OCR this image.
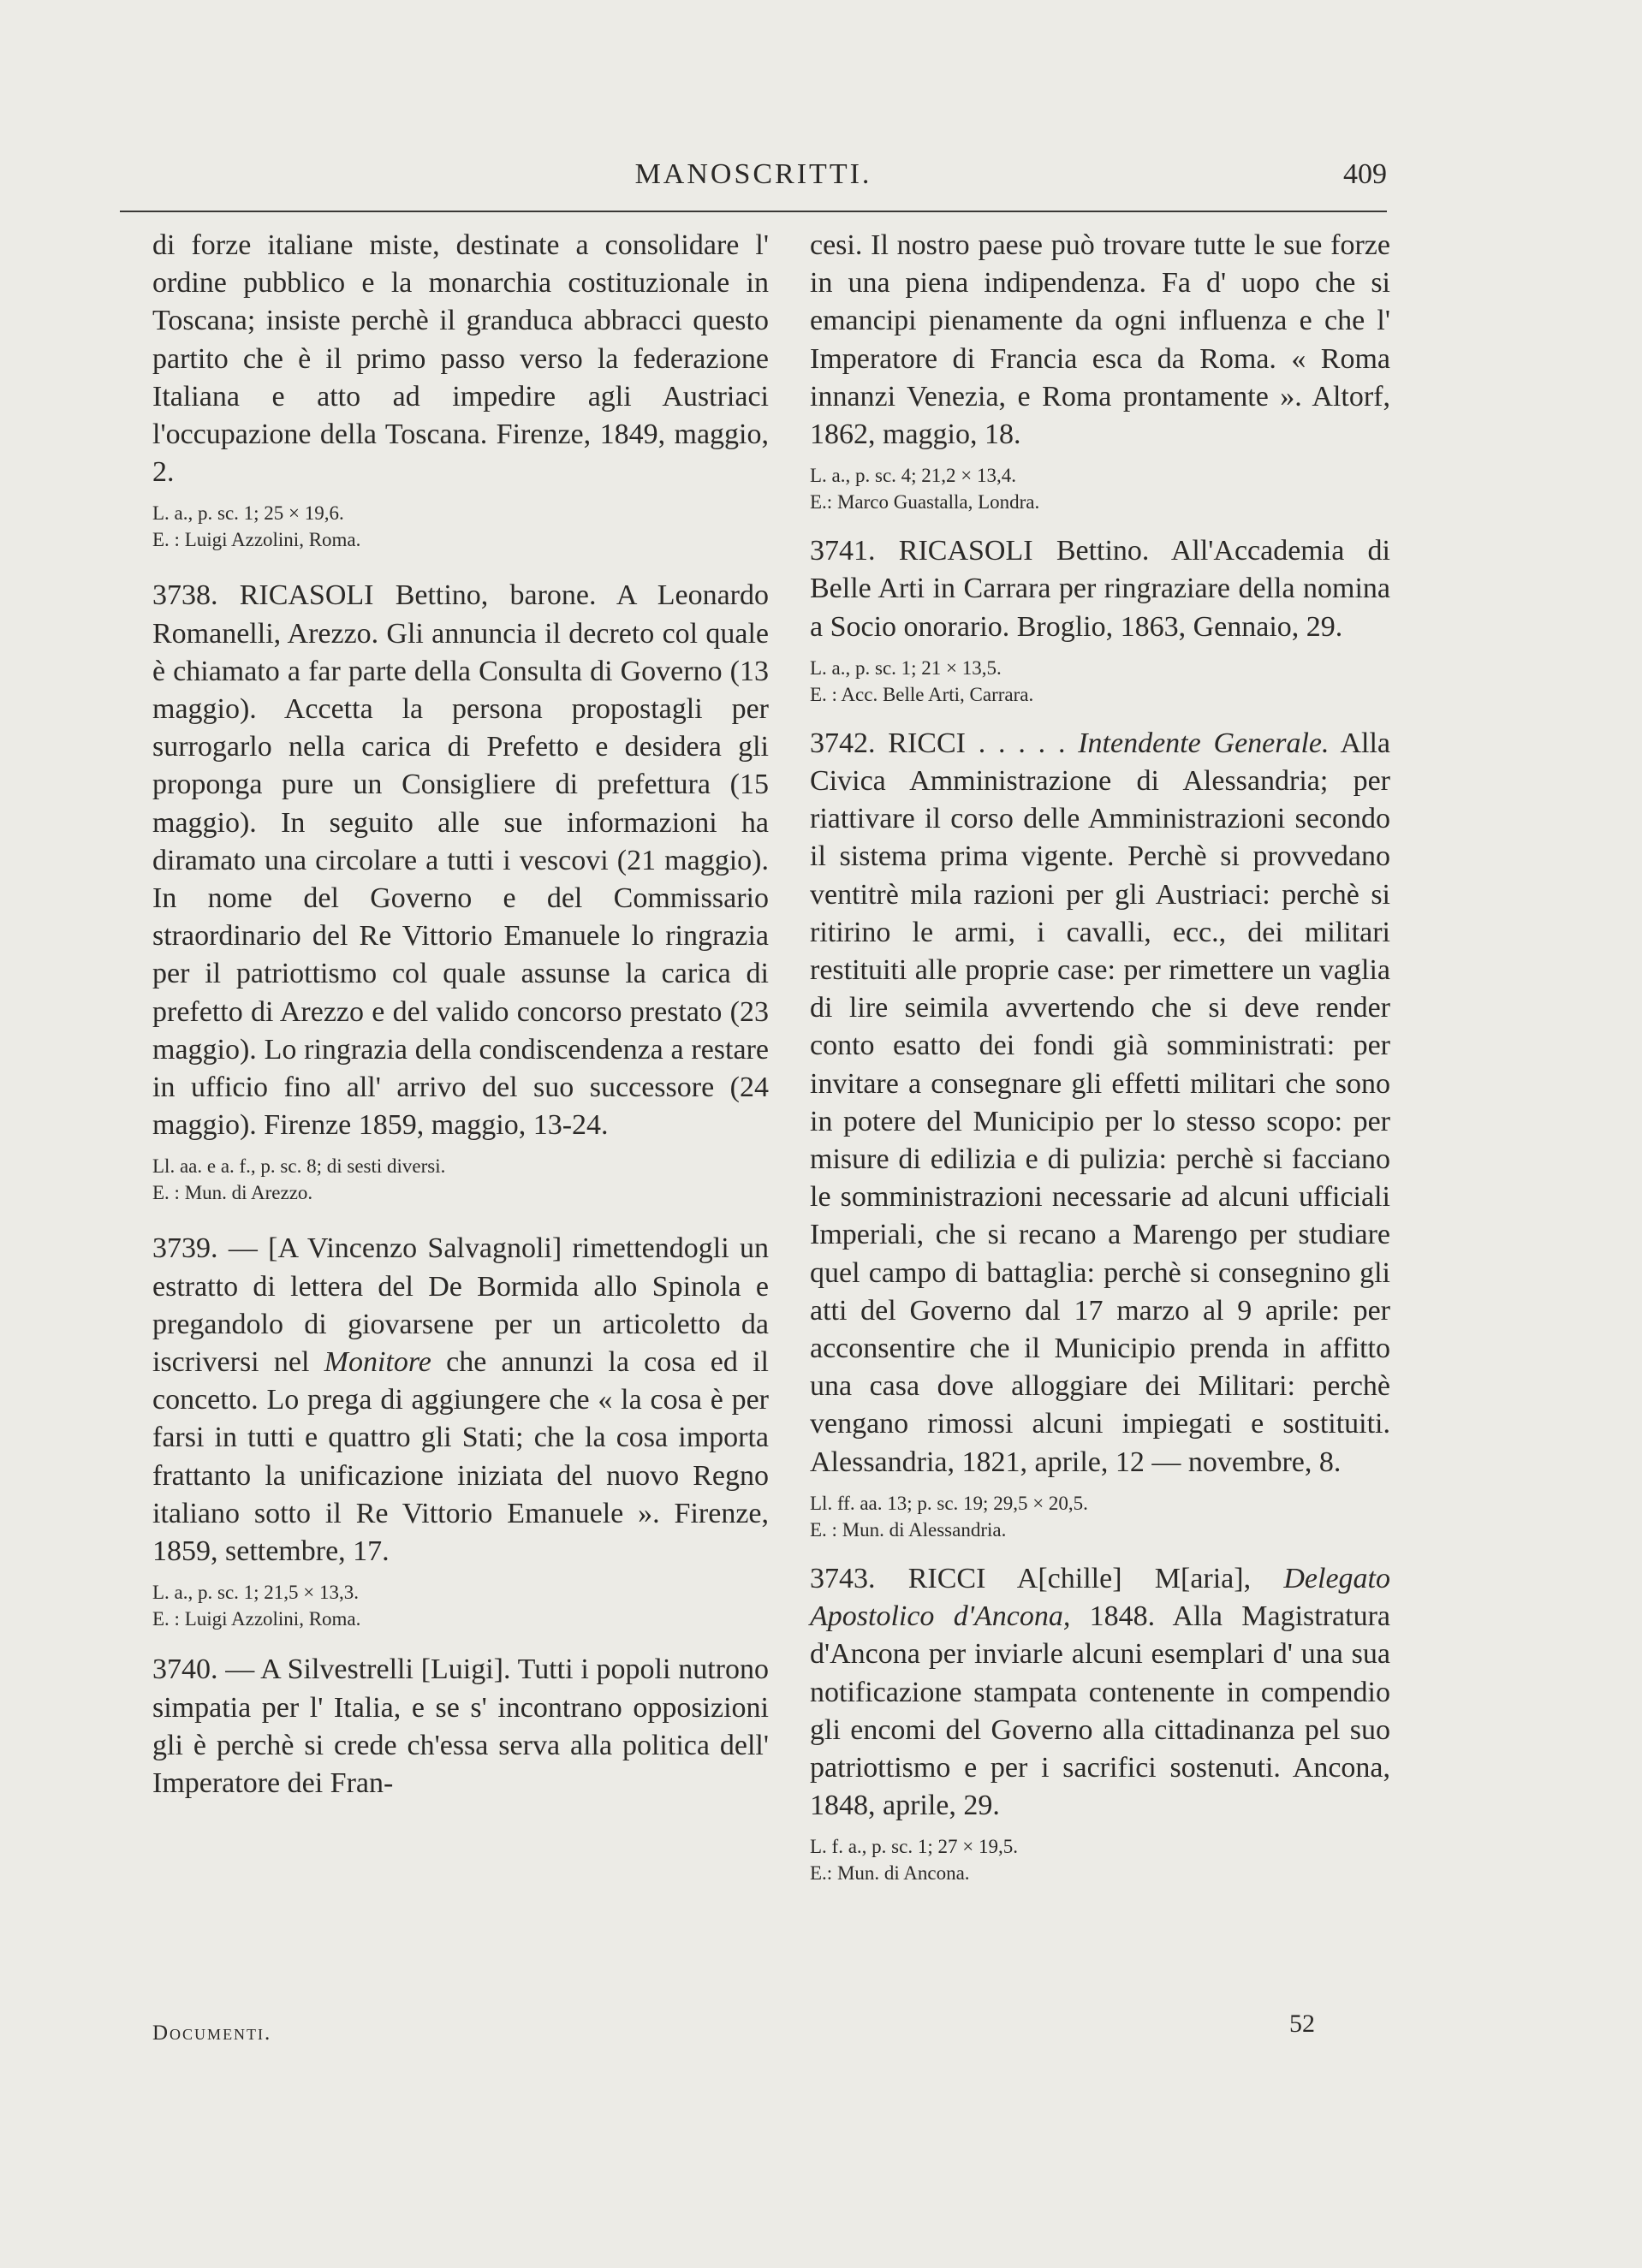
MANOSCRITTI.	409

di forze italiane miste, destinate a consolidare l' ordine pubblico e la monarchia costituzionale in Toscana; insiste perchè il granduca abbracci questo partito che è il primo passo verso la federazione Italiana e atto ad impedire agli Austriaci l'occupazione della Toscana. Firenze, 1849, maggio, 2.

L. a., p. sc. 1; 25 × 19,6.

E. : Luigi Azzolini, Roma.

3738. RICASOLI Bettino, barone. A Leonardo Romanelli, Arezzo. Gli annuncia il decreto col quale è chiamato a far parte della Consulta di Governo (13 maggio). Accetta la persona propostagli per surrogarlo nella carica di Prefetto e desidera gli proponga pure un Consigliere di prefettura (15 maggio). In seguito alle sue informazioni ha diramato una circolare a tutti i vescovi (21 maggio). In nome del Governo e del Commissario straordinario del Re Vittorio Emanuele lo ringrazia per il patriottismo col quale assunse la carica di prefetto di Arezzo e del valido concorso prestato (23 maggio). Lo ringrazia della condiscendenza a restare in ufficio fino all' arrivo del suo successore (24 maggio). Firenze 1859, maggio, 13-24.

Ll. aa. e a. f., p. sc. 8; di sesti diversi.

E. : Mun. di Arezzo.

3739. — [A Vincenzo Salvagnoli] rimettendogli un estratto di lettera del De Bormida allo Spinola e pregandolo di giovarsene per un articoletto da iscriversi nel Monitore che annunzi la cosa ed il concetto. Lo prega di aggiungere che « la cosa è per farsi in tutti e quattro gli Stati; che la cosa importa frattanto la unificazione iniziata del nuovo Regno italiano sotto il Re Vittorio Emanuele ». Firenze, 1859, settembre, 17.

L. a., p. sc. 1; 21,5 × 13,3.

E. : Luigi Azzolini, Roma.

3740. — A Silvestrelli [Luigi]. Tutti i popoli nutrono simpatia per l' Italia, e se s' incontrano opposizioni gli è perchè si crede ch'essa serva alla politica dell' Imperatore dei Fran-

cesi. Il nostro paese può trovare tutte le sue forze in una piena indipendenza. Fa d' uopo che si emancipi pienamente da ogni influenza e che l' Imperatore di Francia esca da Roma. « Roma innanzi Venezia, e Roma prontamente ». Altorf, 1862, maggio, 18.

L. a., p. sc. 4; 21,2 × 13,4.

E.: Marco Guastalla, Londra.

3741. RICASOLI Bettino. All'Accademia di Belle Arti in Carrara per ringraziare della nomina a Socio onorario. Broglio, 1863, Gennaio, 29.

L. a., p. sc. 1; 21 × 13,5.

E. : Acc. Belle Arti, Carrara.

3742. RICCI . . . . . Intendente Generale. Alla Civica Amministrazione di Alessandria; per riattivare il corso delle Amministrazioni secondo il sistema prima vigente. Perchè si provvedano ventitrè mila razioni per gli Austriaci: perchè si ritirino le armi, i cavalli, ecc., dei militari restituiti alle proprie case: per rimettere un vaglia di lire seimila avvertendo che si deve render conto esatto dei fondi già somministrati: per invitare a consegnare gli effetti militari che sono in potere del Municipio per lo stesso scopo: per misure di edilizia e di pulizia: perchè si facciano le somministrazioni necessarie ad alcuni ufficiali Imperiali, che si recano a Marengo per studiare quel campo di battaglia: perchè si consegnino gli atti del Governo dal 17 marzo al 9 aprile: per acconsentire che il Municipio prenda in affitto una casa dove alloggiare dei Militari: perchè vengano rimossi alcuni impiegati e sostituiti. Alessandria, 1821, aprile, 12 — novembre, 8.

Ll. ff. aa. 13; p. sc. 19; 29,5 × 20,5.

E. : Mun. di Alessandria.

3743. RICCI A[chille] M[aria], Delegato Apostolico d'Ancona, 1848. Alla Magistratura d'Ancona per inviarle alcuni esemplari d' una sua notificazione stampata contenente in compendio gli encomi del Governo alla cittadinanza pel suo patriottismo e per i sacrifici sostenuti. Ancona, 1848, aprile, 29.

L. f. a., p. sc. 1; 27 × 19,5.

E.: Mun. di Ancona.

Documenti.	52
